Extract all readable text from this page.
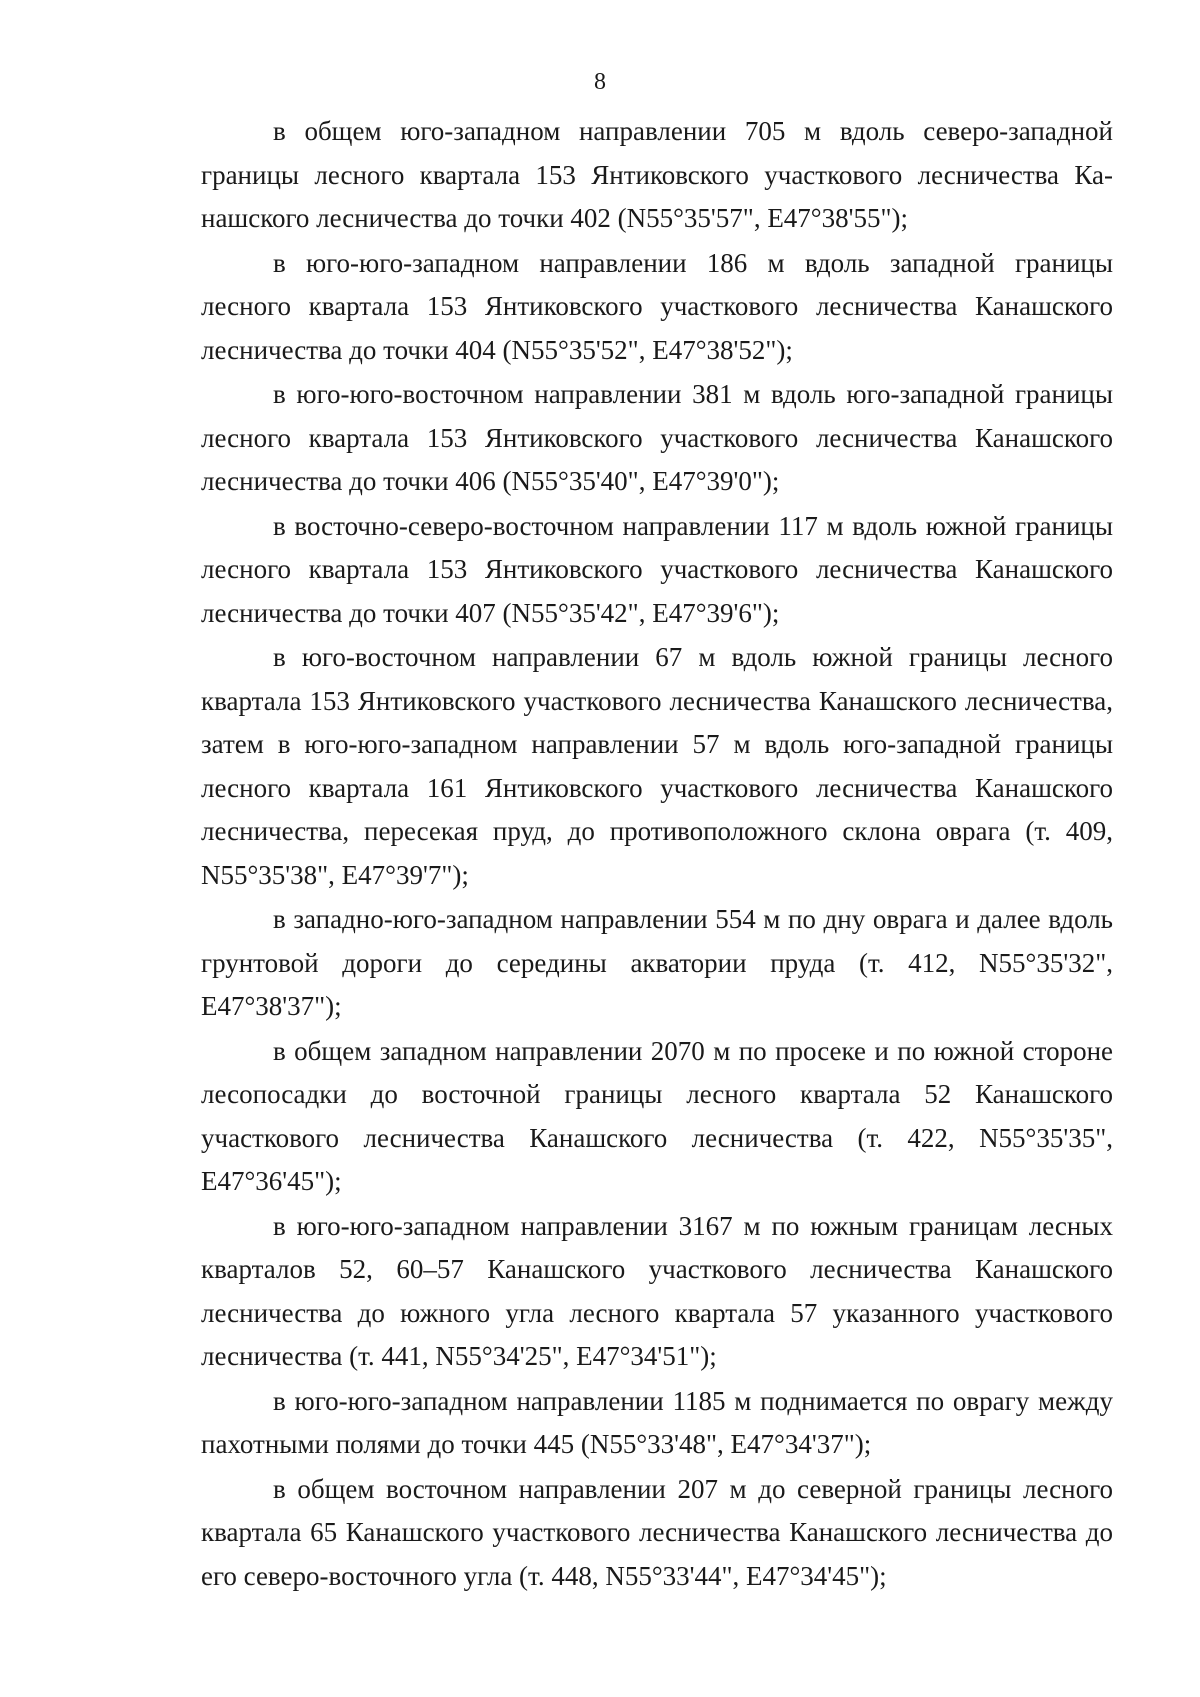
8

в общем юго-западном направлении 705 м вдоль северо-западной границы лесного квартала 153 Янтиковского участкового лесничества Канашского лесничества до точки 402 (N55°35'57", E47°38'55");

в юго-юго-западном направлении 186 м вдоль западной границы лесного квартала 153 Янтиковского участкового лесничества Канашского лесничества до точки 404 (N55°35'52", E47°38'52");

в юго-юго-восточном направлении 381 м вдоль юго-западной границы лесного квартала 153 Янтиковского участкового лесничества Канашского лесничества до точки 406 (N55°35'40", E47°39'0");

в восточно-северо-восточном направлении 117 м вдоль южной границы лесного квартала 153 Янтиковского участкового лесничества Канашского лесничества до точки 407 (N55°35'42", E47°39'6");

в юго-восточном направлении 67 м вдоль южной границы лесного квартала 153 Янтиковского участкового лесничества Канашского лесничества, затем в юго-юго-западном направлении 57 м вдоль юго-западной границы лесного квартала 161 Янтиковского участкового лесничества Канашского лесничества, пересекая пруд, до противоположного склона оврага (т. 409, N55°35'38", E47°39'7");

в западно-юго-западном направлении 554 м по дну оврага и далее вдоль грунтовой дороги до середины акватории пруда (т. 412, N55°35'32", E47°38'37");

в общем западном направлении 2070 м по просеке и по южной стороне лесопосадки до восточной границы лесного квартала 52 Канашского участкового лесничества Канашского лесничества (т. 422, N55°35'35", E47°36'45");

в юго-юго-западном направлении 3167 м по южным границам лесных кварталов 52, 60–57 Канашского участкового лесничества Канашского лесничества до южного угла лесного квартала 57 указанного участкового лесничества (т. 441, N55°34'25", E47°34'51");

в юго-юго-западном направлении 1185 м поднимается по оврагу между пахотными полями до точки 445 (N55°33'48", E47°34'37");

в общем восточном направлении 207 м до северной границы лесного квартала 65 Канашского участкового лесничества Канашского лесничества до его северо-восточного угла (т. 448, N55°33'44", E47°34'45");
